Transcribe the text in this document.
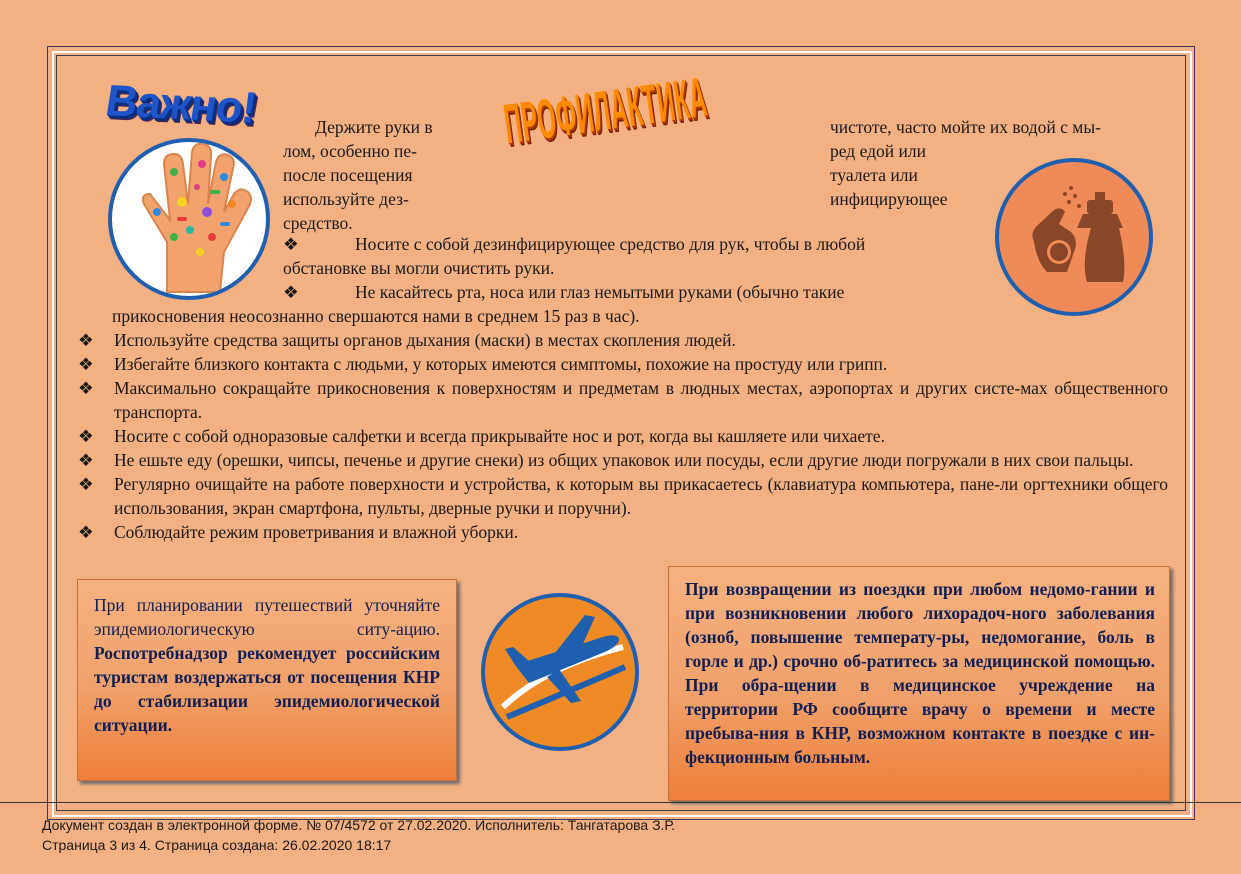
Важно!	ПРОФИЛАКТИКА
Держите руки в
лом, особенно пе-
после посещения
используйте дез-
средство.
чистоте, часто мойте их водой с мы-
ред едой или
туалета или
инфицирующее
❖	Носите с собой дезинфицирующее средство для рук, чтобы в любой
обстановке вы могли очистить руки.
❖	Не касайтесь рта, носа или глаз немытыми руками (обычно такие
прикосновения неосознанно свершаются нами в среднем 15 раз в час).
❖ Используйте средства защиты органов дыхания (маски) в местах скопления людей.
❖ Избегайте близкого контакта с людьми, у которых имеются симптомы, похожие на простуду или грипп.
❖ Максимально сокращайте прикосновения к поверхностям и предметам в людных местах, аэропортах и других систе-мах общественного транспорта.
❖ Носите с собой одноразовые салфетки и всегда прикрывайте нос и рот, когда вы кашляете или чихаете.
❖ Не ешьте еду (орешки, чипсы, печенье и другие снеки) из общих упаковок или посуды, если другие люди погружали в них свои пальцы.
❖ Регулярно очищайте на работе поверхности и устройства, к которым вы прикасаетесь (клавиатура компьютера, пане-ли оргтехники общего использования, экран смартфона, пульты, дверные ручки и поручни).
❖ Соблюдайте режим проветривания и влажной уборки.
При планировании путешествий уточняйте эпидемиологическую ситу-ацию. Роспотребнадзор рекомендует российским туристам воздержаться от посещения КНР до стабилизации эпидемиологической ситуации.
При возвращении из поездки при любом недомо-гании и при возникновении любого лихорадоч-ного заболевания (озноб, повышение температу-ры, недомогание, боль в горле и др.) срочно об-ратитесь за медицинской помощью. При обра-щении в медицинское учреждение на территории РФ сообщите врачу о времени и месте пребыва-ния в КНР, возможном контакте в поездке с ин-фекционным больным.
Документ создан в электронной форме. № 07/4572 от 27.02.2020. Исполнитель: Тангатарова З.Р.
Страница 3 из 4. Страница создана: 26.02.2020 18:17
